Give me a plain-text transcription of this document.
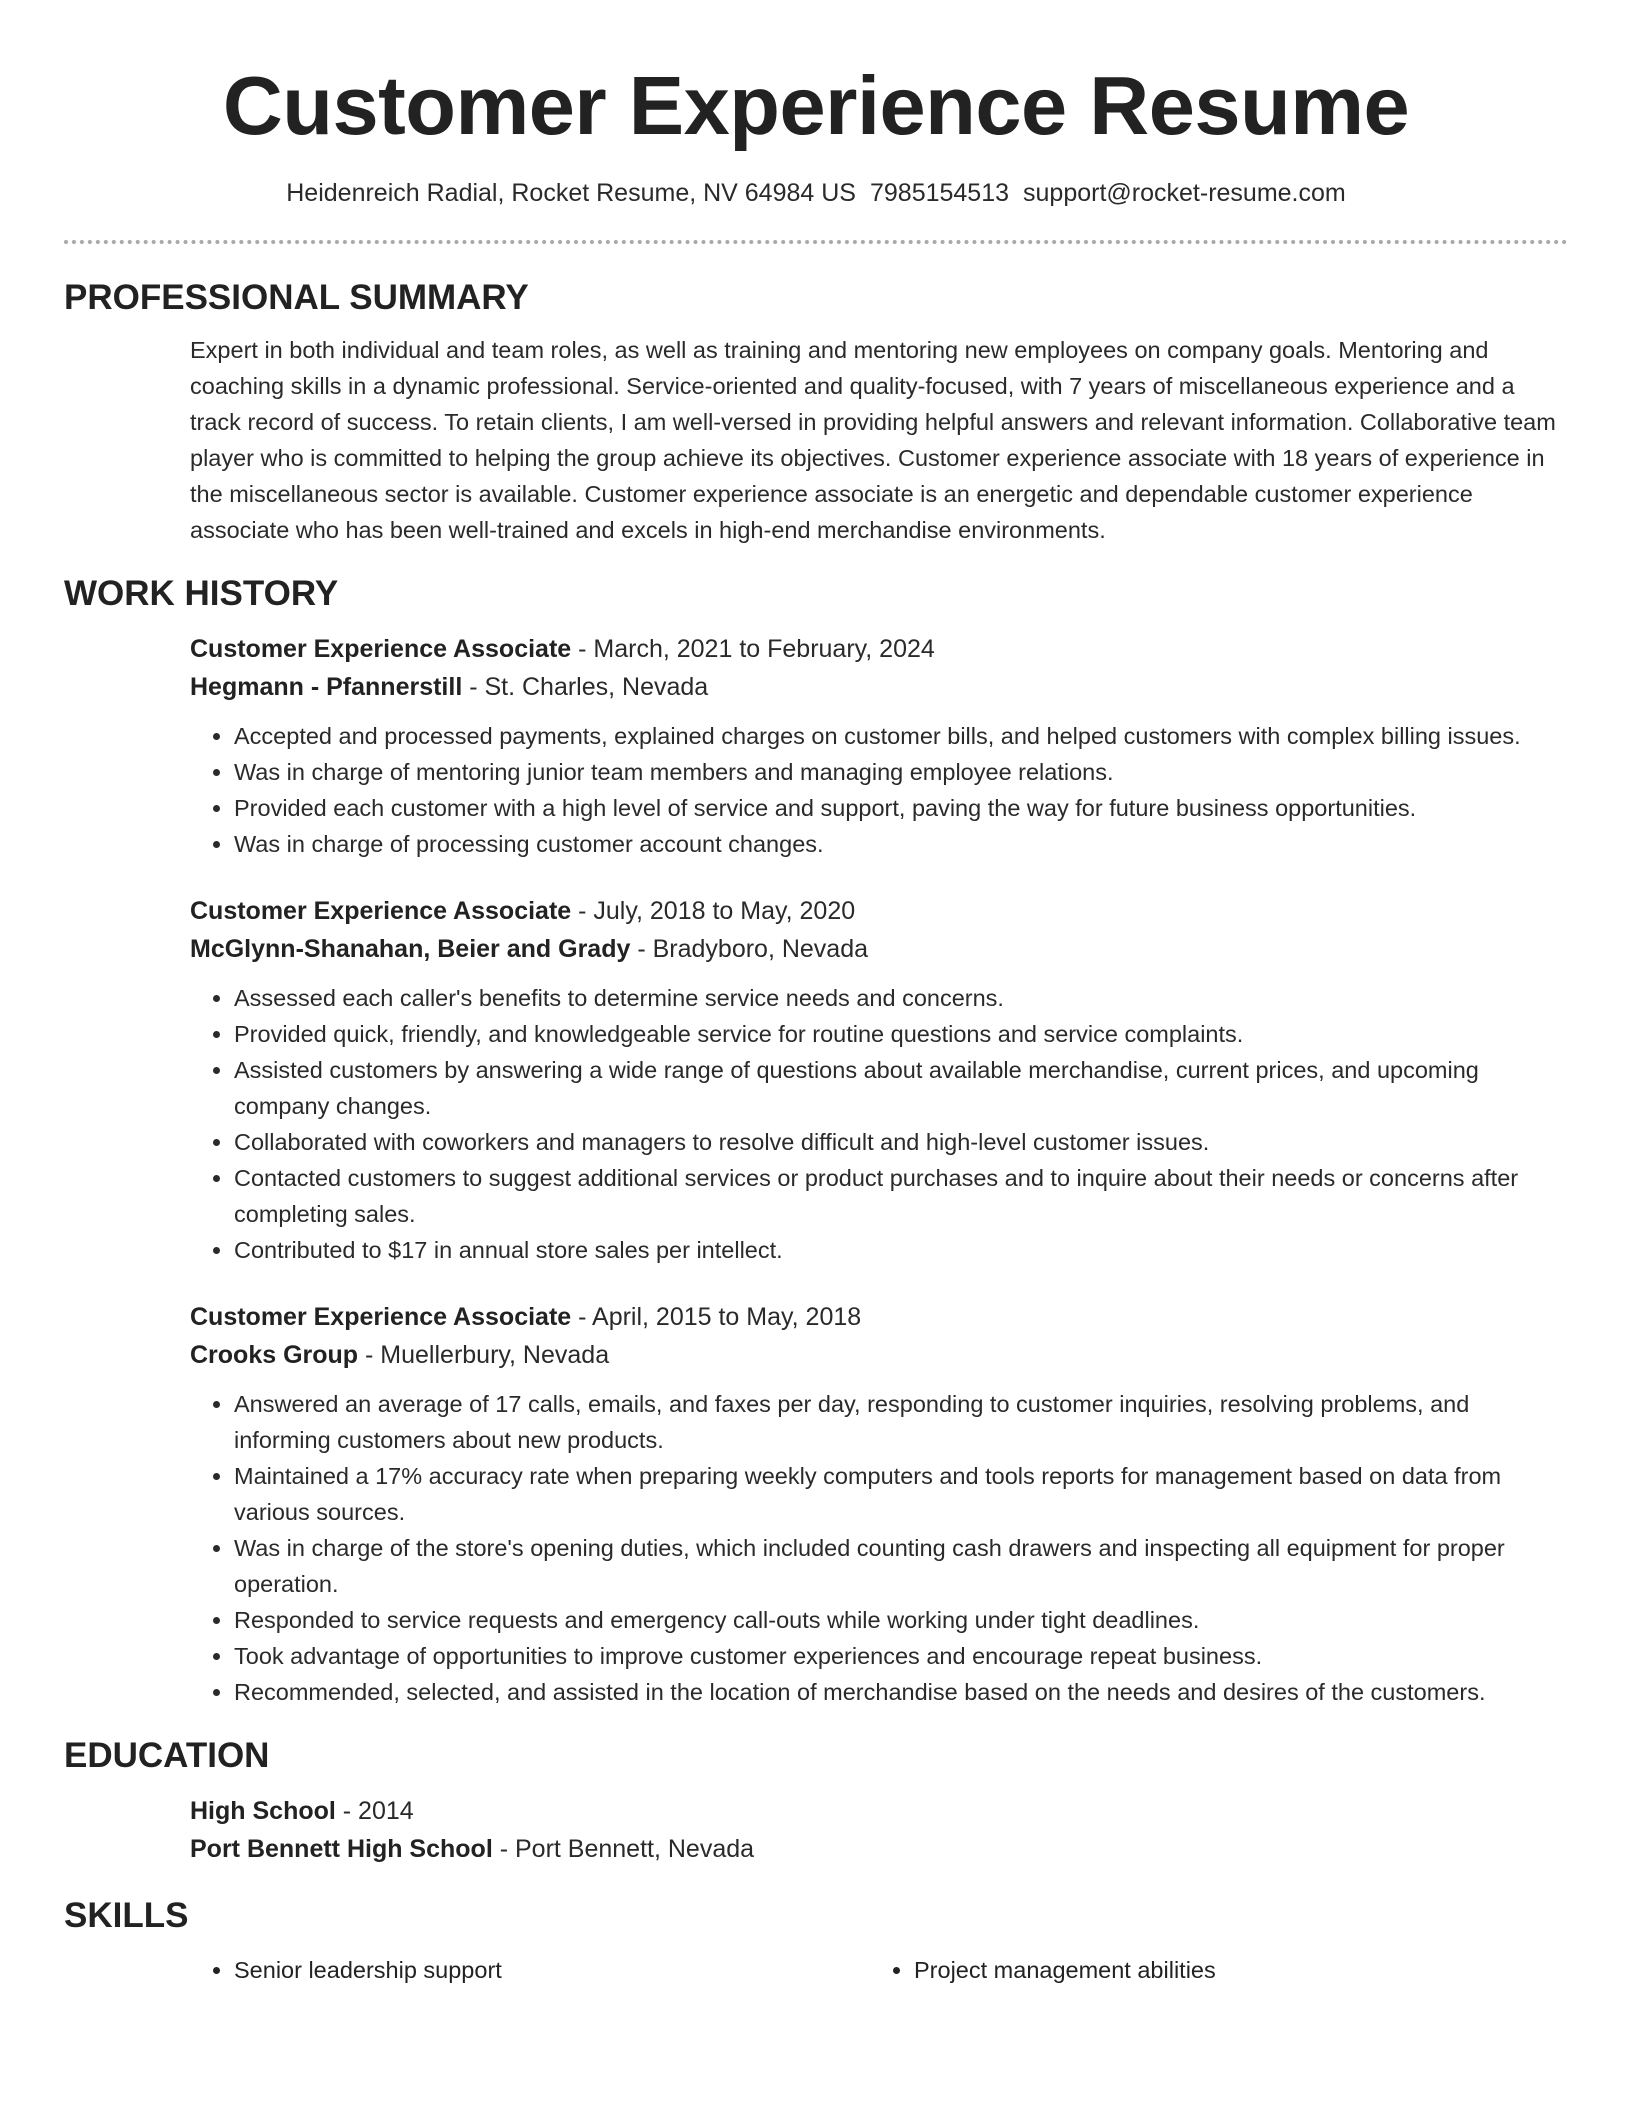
Customer Experience Resume
Heidenreich Radial, Rocket Resume, NV 64984 US 7985154513 support@rocket-resume.com
PROFESSIONAL SUMMARY
Expert in both individual and team roles, as well as training and mentoring new employees on company goals. Mentoring and coaching skills in a dynamic professional. Service-oriented and quality-focused, with 7 years of miscellaneous experience and a track record of success. To retain clients, I am well-versed in providing helpful answers and relevant information. Collaborative team player who is committed to helping the group achieve its objectives. Customer experience associate with 18 years of experience in the miscellaneous sector is available. Customer experience associate is an energetic and dependable customer experience associate who has been well-trained and excels in high-end merchandise environments.
WORK HISTORY
Customer Experience Associate - March, 2021 to February, 2024
Hegmann - Pfannerstill - St. Charles, Nevada
• Accepted and processed payments, explained charges on customer bills, and helped customers with complex billing issues.
• Was in charge of mentoring junior team members and managing employee relations.
• Provided each customer with a high level of service and support, paving the way for future business opportunities.
• Was in charge of processing customer account changes.
Customer Experience Associate - July, 2018 to May, 2020
McGlynn-Shanahan, Beier and Grady - Bradyboro, Nevada
• Assessed each caller's benefits to determine service needs and concerns.
• Provided quick, friendly, and knowledgeable service for routine questions and service complaints.
• Assisted customers by answering a wide range of questions about available merchandise, current prices, and upcoming company changes.
• Collaborated with coworkers and managers to resolve difficult and high-level customer issues.
• Contacted customers to suggest additional services or product purchases and to inquire about their needs or concerns after completing sales.
• Contributed to $17 in annual store sales per intellect.
Customer Experience Associate - April, 2015 to May, 2018
Crooks Group - Muellerbury, Nevada
• Answered an average of 17 calls, emails, and faxes per day, responding to customer inquiries, resolving problems, and informing customers about new products.
• Maintained a 17% accuracy rate when preparing weekly computers and tools reports for management based on data from various sources.
• Was in charge of the store's opening duties, which included counting cash drawers and inspecting all equipment for proper operation.
• Responded to service requests and emergency call-outs while working under tight deadlines.
• Took advantage of opportunities to improve customer experiences and encourage repeat business.
• Recommended, selected, and assisted in the location of merchandise based on the needs and desires of the customers.
EDUCATION
High School - 2014
Port Bennett High School - Port Bennett, Nevada
SKILLS
• Senior leadership support
•	Project management abilities
